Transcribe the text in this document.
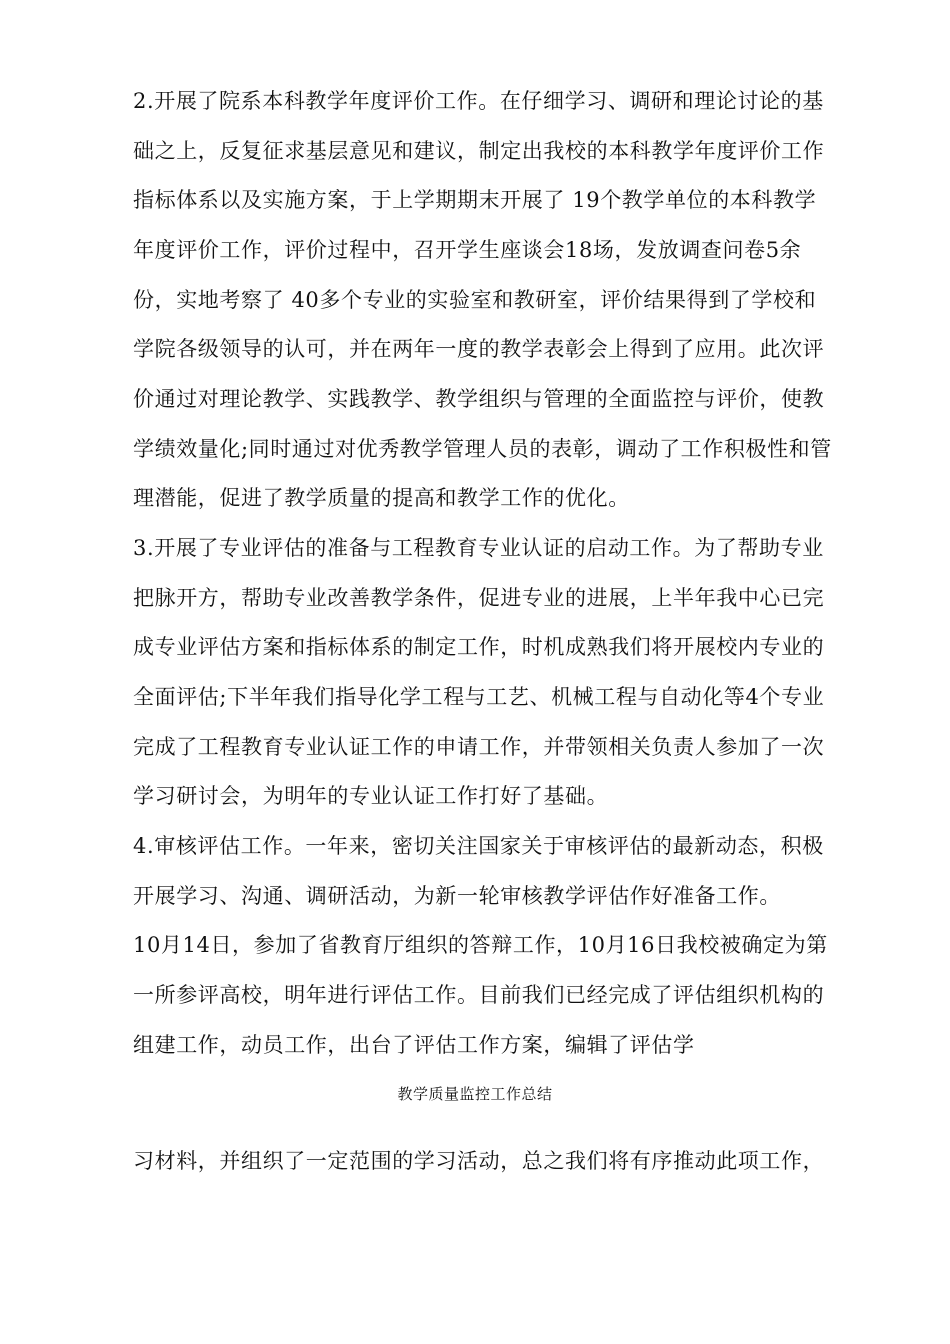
2.开展了院系本科教学年度评价工作。在仔细学习、调研和理论讨论的基
础之上，反复征求基层意见和建议，制定出我校的本科教学年度评价工作
指标体系以及实施方案，于上学期期末开展了 19个教学单位的本科教学
年度评价工作，评价过程中，召开学生座谈会18场，发放调查问卷5余
份，实地考察了 40多个专业的实验室和教研室，评价结果得到了学校和
学院各级领导的认可，并在两年一度的教学表彰会上得到了应用。此次评
价通过对理论教学、实践教学、教学组织与管理的全面监控与评价，使教
学绩效量化;同时通过对优秀教学管理人员的表彰，调动了工作积极性和管
理潜能，促进了教学质量的提高和教学工作的优化。
3.开展了专业评估的准备与工程教育专业认证的启动工作。为了帮助专业
把脉开方，帮助专业改善教学条件，促进专业的进展，上半年我中心已完
成专业评估方案和指标体系的制定工作，时机成熟我们将开展校内专业的
全面评估;下半年我们指导化学工程与工艺、机械工程与自动化等4个专业
完成了工程教育专业认证工作的申请工作，并带领相关负责人参加了一次
学习研讨会，为明年的专业认证工作打好了基础。
4.审核评估工作。一年来，密切关注国家关于审核评估的最新动态，积极
开展学习、沟通、调研活动，为新一轮审核教学评估作好准备工作。
10月14日，参加了省教育厅组织的答辩工作，10月16日我校被确定为第
一所参评高校，明年进行评估工作。目前我们已经完成了评估组织机构的
组建工作，动员工作，出台了评估工作方案，编辑了评估学
教学质量监控工作总结
习材料，并组织了一定范围的学习活动，总之我们将有序推动此项工作，
